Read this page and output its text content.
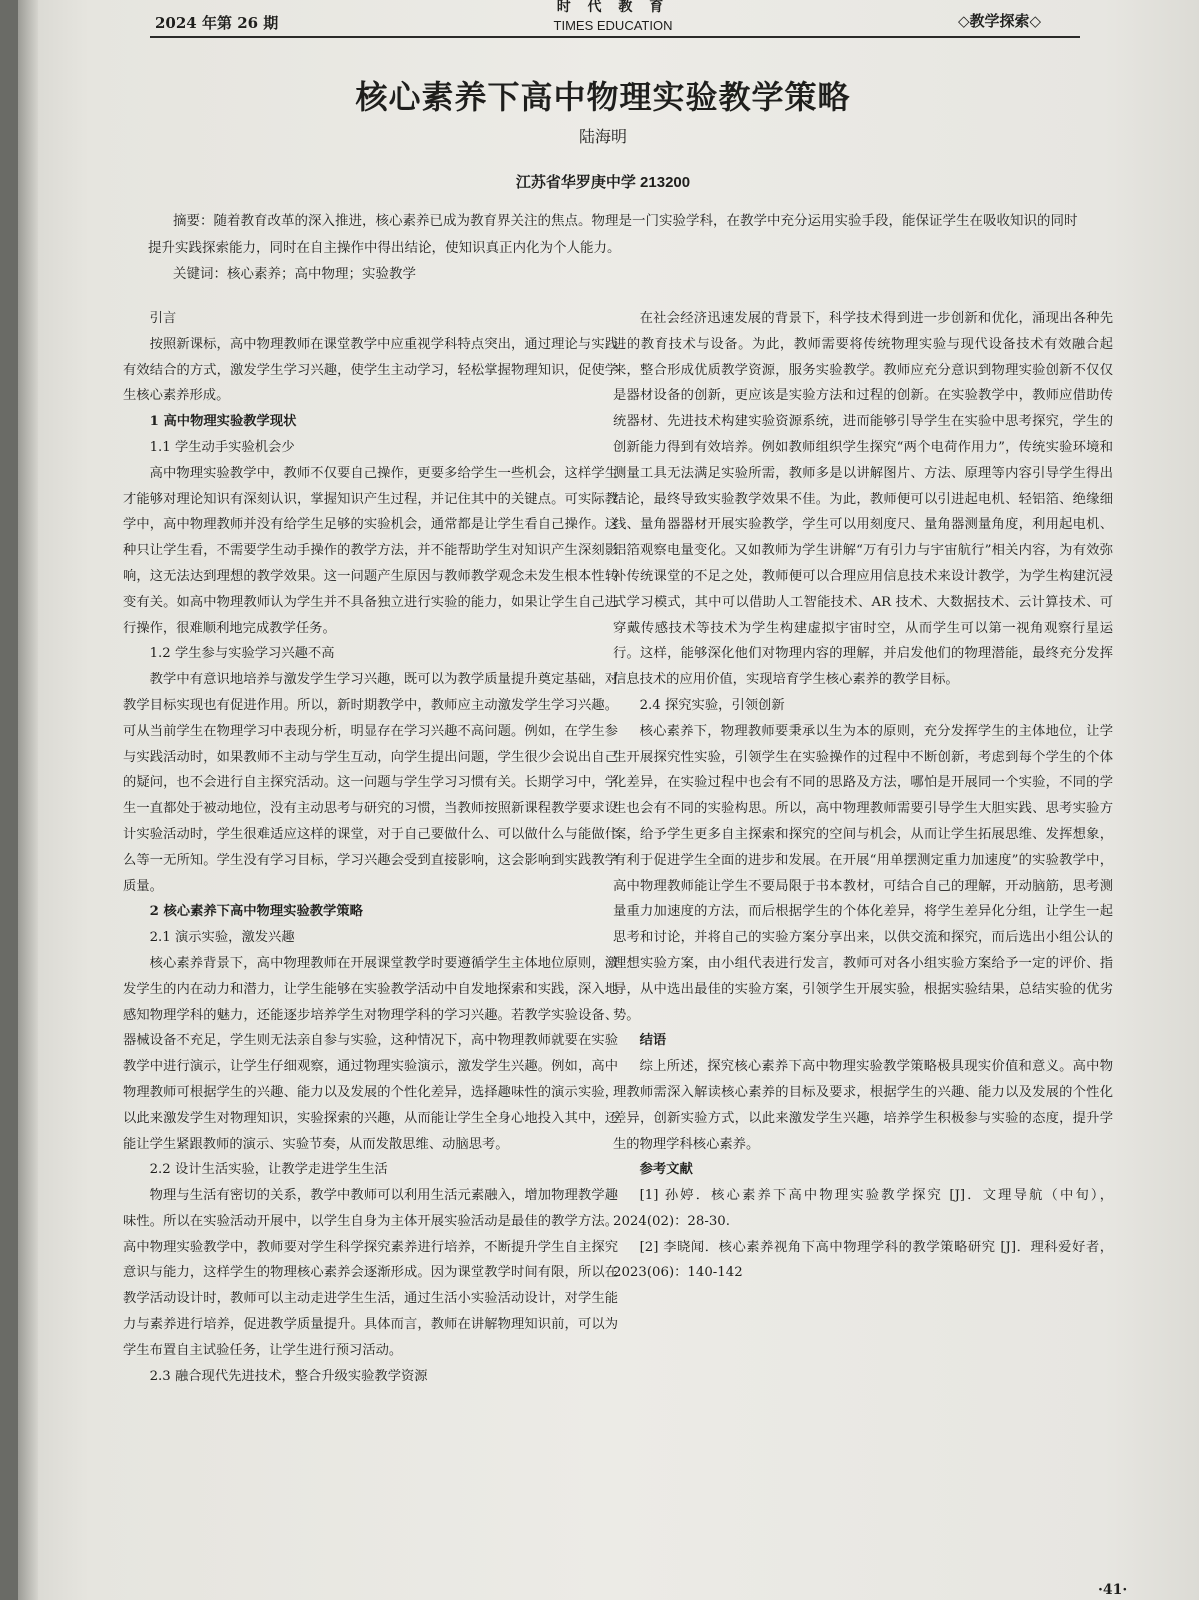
2024 年第 26 期
时 代 教 育
TIMES EDUCATION	◇教学探索◇
核心素养下高中物理实验教学策略
陆海明
江苏省华罗庚中学 213200

摘要：随着教育改革的深入推进，核心素养已成为教育界关注的焦点。物理是一门实验学科，在教学中充分运用实验手段，能保证学生在吸收知识的同时提升实践探索能力，同时在自主操作中得出结论，使知识真正内化为个人能力。

关键词：核心素养；高中物理；实验教学
引言

按照新课标，高中物理教师在课堂教学中应重视学科特点突出，通过理论与实践有效结合的方式，激发学生学习兴趣，使学生主动学习，轻松掌握物理知识，促使学生核心素养形成。

1 高中物理实验教学现状
1.1 学生动手实验机会少

高中物理实验教学中，教师不仅要自己操作，更要多给学生一些机会，这样学生才能够对理论知识有深刻认识，掌握知识产生过程，并记住其中的关键点。可实际教学中，高中物理教师并没有给学生足够的实验机会，通常都是让学生看自己操作。这种只让学生看，不需要学生动手操作的教学方法，并不能帮助学生对知识产生深刻影响，这无法达到理想的教学效果。这一问题产生原因与教师教学观念未发生根本性转变有关。如高中物理教师认为学生并不具备独立进行实验的能力，如果让学生自己进行操作，很难顺利地完成教学任务。

1.2 学生参与实验学习兴趣不高

教学中有意识地培养与激发学生学习兴趣，既可以为教学质量提升奠定基础，对教学目标实现也有促进作用。所以，新时期教学中，教师应主动激发学生学习兴趣。可从当前学生在物理学习中表现分析，明显存在学习兴趣不高问题。例如，在学生参与实践活动时，如果教师不主动与学生互动，向学生提出问题，学生很少会说出自己的疑问，也不会进行自主探究活动。这一问题与学生学习习惯有关。长期学习中，学生一直都处于被动地位，没有主动思考与研究的习惯，当教师按照新课程教学要求设计实验活动时，学生很难适应这样的课堂，对于自己要做什么、可以做什么与能做什么等一无所知。学生没有学习目标，学习兴趣会受到直接影响，这会影响到实践教学质量。

2 核心素养下高中物理实验教学策略
2.1 演示实验，激发兴趣

核心素养背景下，高中物理教师在开展课堂教学时要遵循学生主体地位原则，激发学生的内在动力和潜力，让学生能够在实验教学活动中自发地探索和实践，深入地感知物理学科的魅力，还能逐步培养学生对物理学科的学习兴趣。若教学实验设备、器械设备不充足，学生则无法亲自参与实验，这种情况下，高中物理教师就要在实验教学中进行演示，让学生仔细观察，通过物理实验演示，激发学生兴趣。例如，高中物理教师可根据学生的兴趣、能力以及发展的个性化差异，选择趣味性的演示实验，以此来激发学生对物理知识，实验探索的兴趣，从而能让学生全身心地投入其中，还能让学生紧跟教师的演示、实验节奏，从而发散思维、动脑思考。

2.2 设计生活实验，让教学走进学生生活

物理与生活有密切的关系，教学中教师可以利用生活元素融入，增加物理教学趣味性。所以在实验活动开展中，以学生自身为主体开展实验活动是最佳的教学方法。高中物理实验教学中，教师要对学生科学探究素养进行培养，不断提升学生自主探究意识与能力，这样学生的物理核心素养会逐渐形成。因为课堂教学时间有限，所以在教学活动设计时，教师可以主动走进学生生活，通过生活小实验活动设计，对学生能力与素养进行培养，促进教学质量提升。具体而言，教师在讲解物理知识前，可以为学生布置自主试验任务，让学生进行预习活动。

2.3 融合现代先进技术，整合升级实验教学资源

在社会经济迅速发展的背景下，科学技术得到进一步创新和优化，涌现出各种先进的教育技术与设备。为此，教师需要将传统物理实验与现代设备技术有效融合起来，整合形成优质教学资源，服务实验教学。教师应充分意识到物理实验创新不仅仅是器材设备的创新，更应该是实验方法和过程的创新。在实验教学中，教师应借助传统器材、先进技术构建实验资源系统，进而能够引导学生在实验中思考探究，学生的创新能力得到有效培养。例如教师组织学生探究“两个电荷作用力”，传统实验环境和测量工具无法满足实验所需，教师多是以讲解图片、方法、原理等内容引导学生得出结论，最终导致实验教学效果不佳。为此，教师便可以引进起电机、轻铝箔、绝缘细线、量角器器材开展实验教学，学生可以用刻度尺、量角器测量角度，利用起电机、铝箔观察电量变化。又如教师为学生讲解“万有引力与宇宙航行”相关内容，为有效弥补传统课堂的不足之处，教师便可以合理应用信息技术来设计教学，为学生构建沉浸式学习模式，其中可以借助人工智能技术、AR 技术、大数据技术、云计算技术、可穿戴传感技术等技术为学生构建虚拟宇宙时空，从而学生可以第一视角观察行星运行。这样，能够深化他们对物理内容的理解，并启发他们的物理潜能，最终充分发挥信息技术的应用价值，实现培育学生核心素养的教学目标。

2.4 探究实验，引领创新

核心素养下，物理教师要秉承以生为本的原则，充分发挥学生的主体地位，让学生开展探究性实验，引领学生在实验操作的过程中不断创新，考虑到每个学生的个体化差异，在实验过程中也会有不同的思路及方法，哪怕是开展同一个实验，不同的学生也会有不同的实验构思。所以，高中物理教师需要引导学生大胆实践、思考实验方案，给予学生更多自主探索和探究的空间与机会，从而让学生拓展思维、发挥想象，有利于促进学生全面的进步和发展。在开展“用单摆测定重力加速度”的实验教学中，高中物理教师能让学生不要局限于书本教材，可结合自己的理解，开动脑筋，思考测量重力加速度的方法，而后根据学生的个体化差异，将学生差异化分组，让学生一起思考和讨论，并将自己的实验方案分享出来，以供交流和探究，而后选出小组公认的理想实验方案，由小组代表进行发言，教师可对各小组实验方案给予一定的评价、指导，从中选出最佳的实验方案，引领学生开展实验，根据实验结果，总结实验的优劣势。

结语

综上所述，探究核心素养下高中物理实验教学策略极具现实价值和意义。高中物理教师需深入解读核心素养的目标及要求，根据学生的兴趣、能力以及发展的个性化差异，创新实验方式，以此来激发学生兴趣，培养学生积极参与实验的态度，提升学生的物理学科核心素养。

参考文献

[1] 孙婷．核心素养下高中物理实验教学探究 [J]．文理导航（中旬），2024(02)：28-30.

[2] 李晓闻．核心素养视角下高中物理学科的教学策略研究 [J]．理科爱好者，2023(06)：140-142

·41·
